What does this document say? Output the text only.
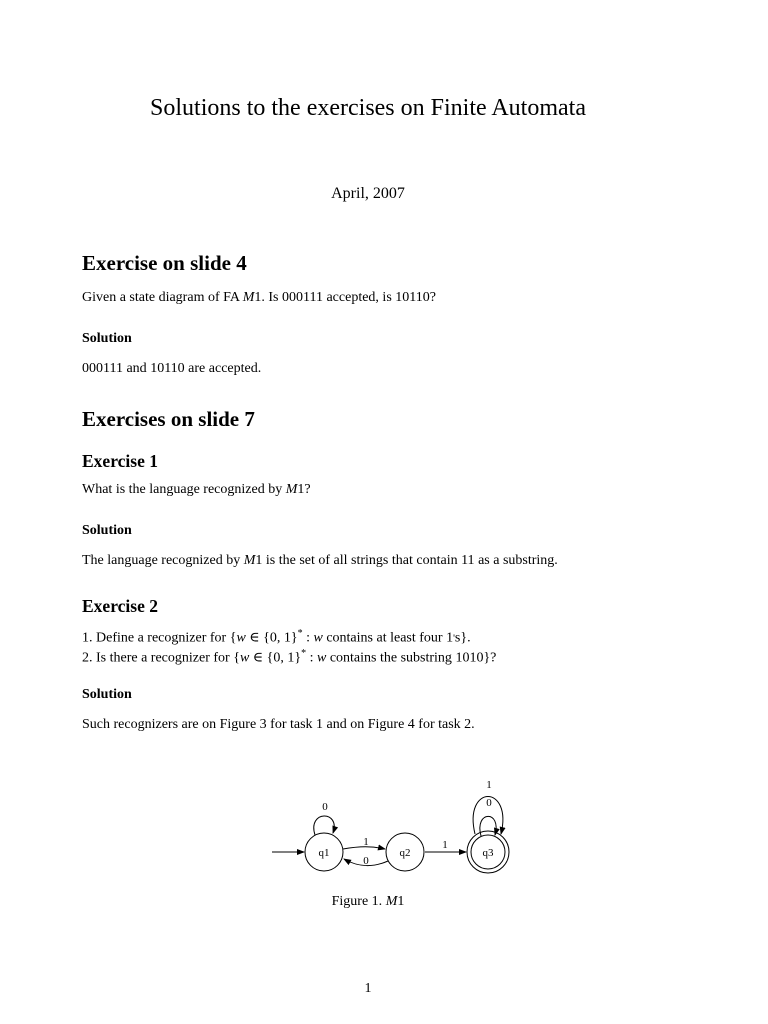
Solutions to the exercises on Finite Automata
April, 2007
Exercise on slide 4
Given a state diagram of FA M1. Is 000111 accepted, is 10110?
Solution
000111 and 10110 are accepted.
Exercises on slide 7
Exercise 1
What is the language recognized by M1?
Solution
The language recognized by M1 is the set of all strings that contain 11 as a substring.
Exercise 2
1. Define a recognizer for {w ∈ {0, 1}* : w contains at least four 1's}.
2. Is there a recognizer for {w ∈ {0, 1}* : w contains the substring 1010}?
Solution
Such recognizers are on Figure 3 for task 1 and on Figure 4 for task 2.
q1	q2	q3
0
1
0
1
1
0
Figure 1. M1
1
